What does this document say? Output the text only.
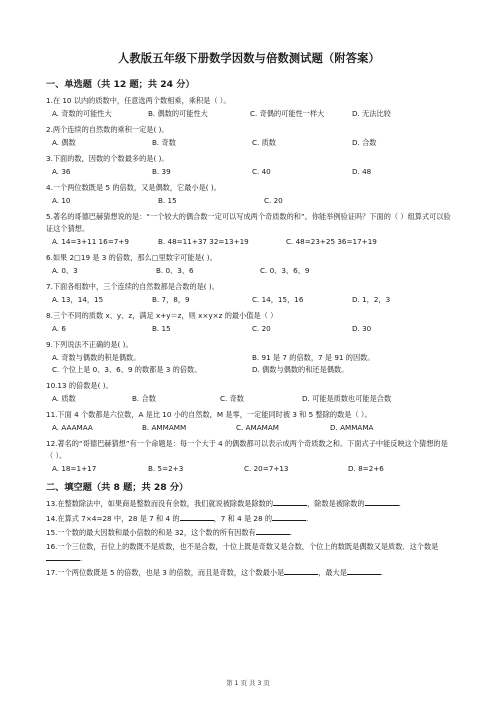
人教版五年级下册数学因数与倍数测试题（附答案）
一、单选题（共 12 题；共 24 分）
1.在 10 以内的质数中，任意选两个数相乘，乘积是（ ）。
A. 奇数的可能性大	B. 偶数的可能性大	C. 奇偶的可能性一样大	D. 无法比较
2.两个连续的自然数的乘积一定是( )。
A. 偶数	B. 奇数	C. 质数	D. 合数
3.下面的数，因数的个数最多的是( )。
A. 36	B. 39	C. 40	D. 48
4.一个两位数既是 5 的倍数，又是偶数，它最小是( )。
A. 10	B. 15	C. 20
5.著名的哥德巴赫猜想说的是：“一个较大的偶合数一定可以写成两个奇质数的和”。你能举例验证吗？下面的（ ）组算式可以验证这个猜想。
A. 14=3+11 16=7+9	B. 48=11+37 32=13+19	C. 48=23+25 36=17+19
6.如果 2□19 是 3 的倍数，那么□里数字可能是( )。
A. 0、3	B. 0、3、6	C. 0、3、6、9
7.下面各组数中，三个连续的自然数都是合数的是( )。
A. 13，14，15	B. 7，8，9	C. 14，15，16	D. 1，2，3
8.三个不同的质数 x、y、z，满足 x+y＝z，则 x×y×z 的最小值是（ ）
A. 6	B. 15	C. 20	D. 30
9.下列说法不正确的是( )。
A. 奇数与偶数的积是偶数。	B. 91 是 7 的倍数，7 是 91 的因数。
C. 个位上是 0、3、6、9 的数都是 3 的倍数。	D. 偶数与偶数的和还是偶数。
10.13 的倍数是( )。
A. 质数	B. 合数	C. 奇数	D. 可能是质数也可能是合数
11.下面 4 个数都是六位数，A 是比 10 小的自然数，M 是零，一定能同时被 3 和 5 整除的数是（ ）。
A. AAAMAA	B. AMMAMM	C. AMAMAM	D. AMMAMA
12.著名的“哥德巴赫猜想”有一个命题是：每一个大于 4 的偶数都可以表示成两个奇质数之和。下面式子中能反映这个猜想的是（ ）。
A. 18=1+17	B. 5=2+3	C. 20=7+13	D. 8=2+6
二、填空题（共 8 题；共 28 分）
13.在整数除法中，如果商是整数而没有余数，我们就说被除数是除数的	，除数是被除数的	.
14.在算式 7×4=28 中，28 是 7 和 4 的	，7 和 4 是 28 的	.
15.一个数的最大因数和最小倍数的和是 32，这个数的所有因数有	.
16.一个三位数，百位上的数既不是质数，也不是合数，十位上既是奇数又是合数，个位上的数既是偶数又是质数．这个数是.
17.一个两位数既是 5 的倍数，也是 3 的倍数，而且是奇数，这个数最小是	，最大是	.
第 1 页 共 3 页
